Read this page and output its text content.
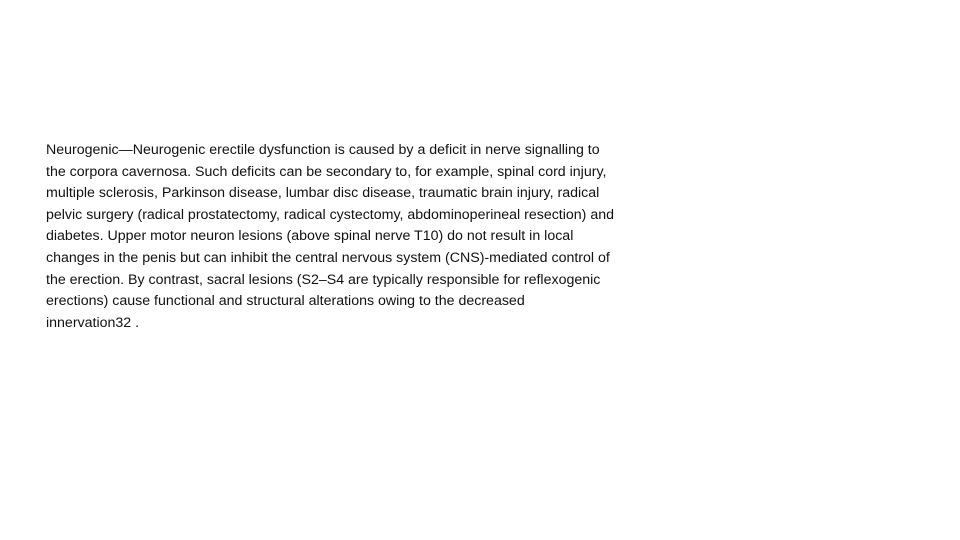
Neurogenic—Neurogenic erectile dysfunction is caused by a deficit in nerve signalling to
the corpora cavernosa. Such deficits can be secondary to, for example, spinal cord injury,
multiple sclerosis, Parkinson disease, lumbar disc disease, traumatic brain injury, radical
pelvic surgery (radical prostatectomy, radical cystectomy, abdominoperineal resection) and
diabetes. Upper motor neuron lesions (above spinal nerve T10) do not result in local
changes in the penis but can inhibit the central nervous system (CNS)-mediated control of
the erection. By contrast, sacral lesions (S2–S4 are typically responsible for reflexogenic
erections) cause functional and structural alterations owing to the decreased
innervation32 .
